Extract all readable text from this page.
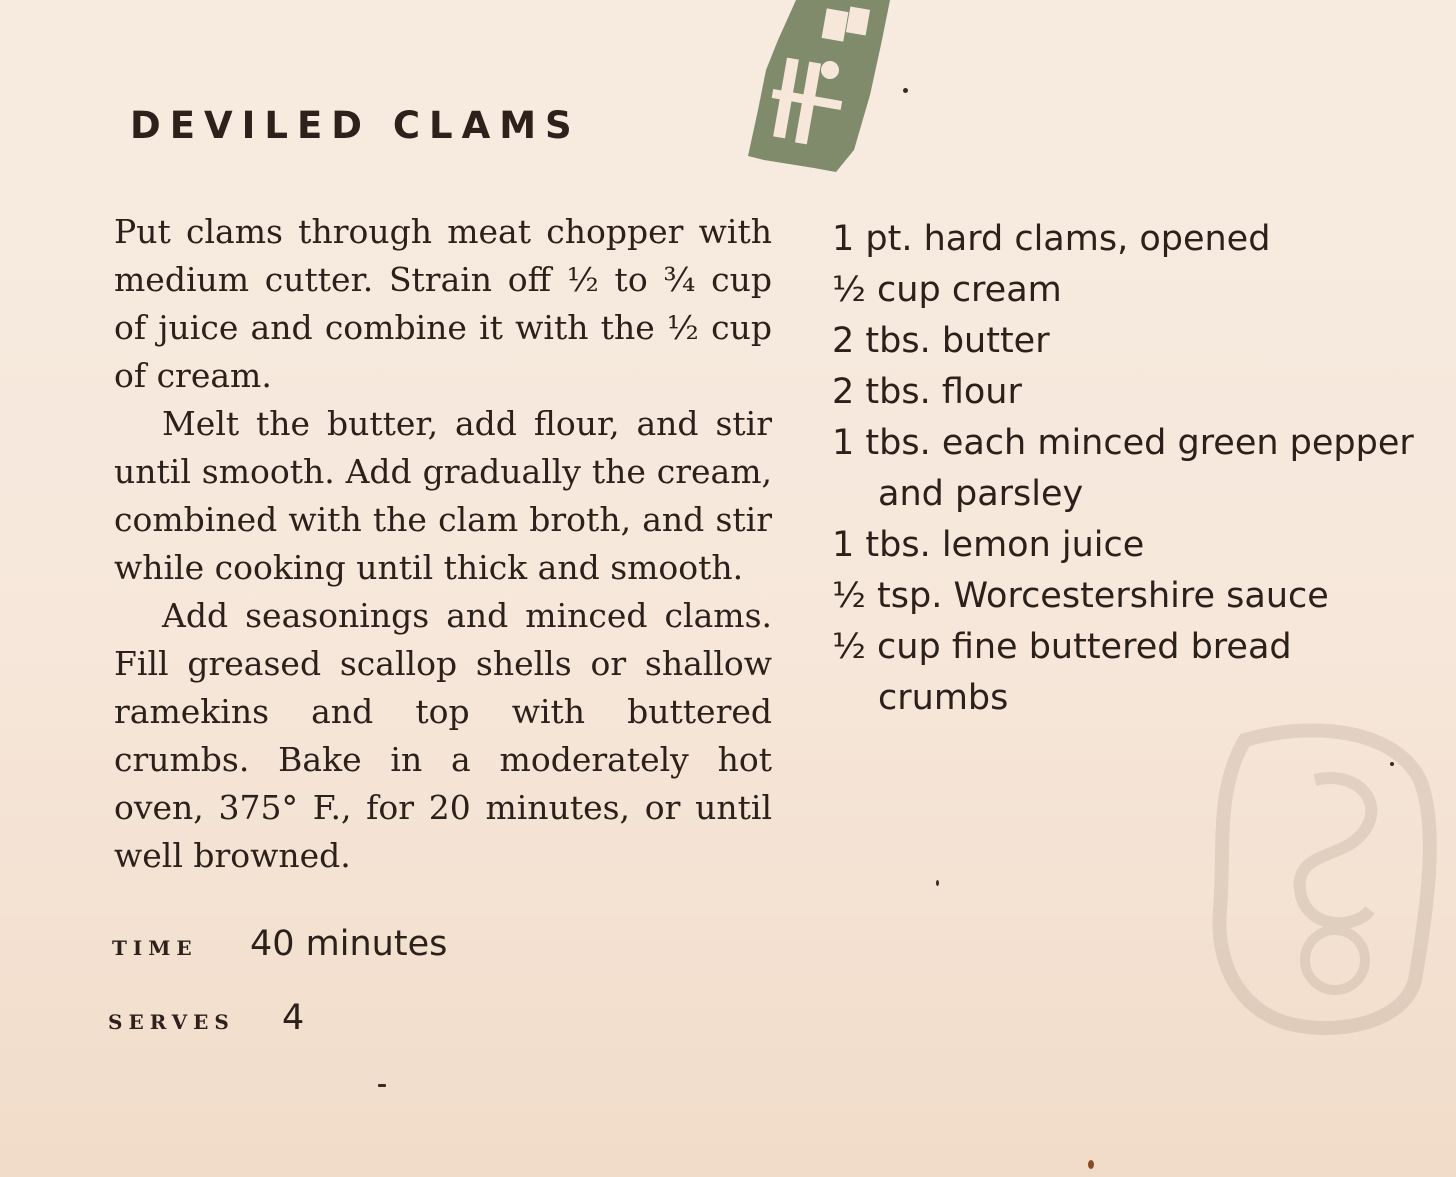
DEVILED CLAMS

Put clams through meat chopper with medium cutter. Strain off ½ to ¾ cup of juice and combine it with the ½ cup of cream.

Melt the butter, add flour, and stir until smooth. Add gradually the cream, combined with the clam broth, and stir while cooking until thick and smooth.

Add seasonings and minced clams. Fill greased scallop shells or shallow ramekins and top with buttered crumbs. Bake in a moderately hot oven, 375° F., for 20 minutes, or until well browned.

1 pt. hard clams, opened
½ cup cream
2 tbs. butter
2 tbs. flour
1 tbs. each minced green pepper and parsley
1 tbs. lemon juice
½ tsp. Worcestershire sauce
½ cup fine buttered bread crumbs
TIME	40 minutes
SERVES	4
